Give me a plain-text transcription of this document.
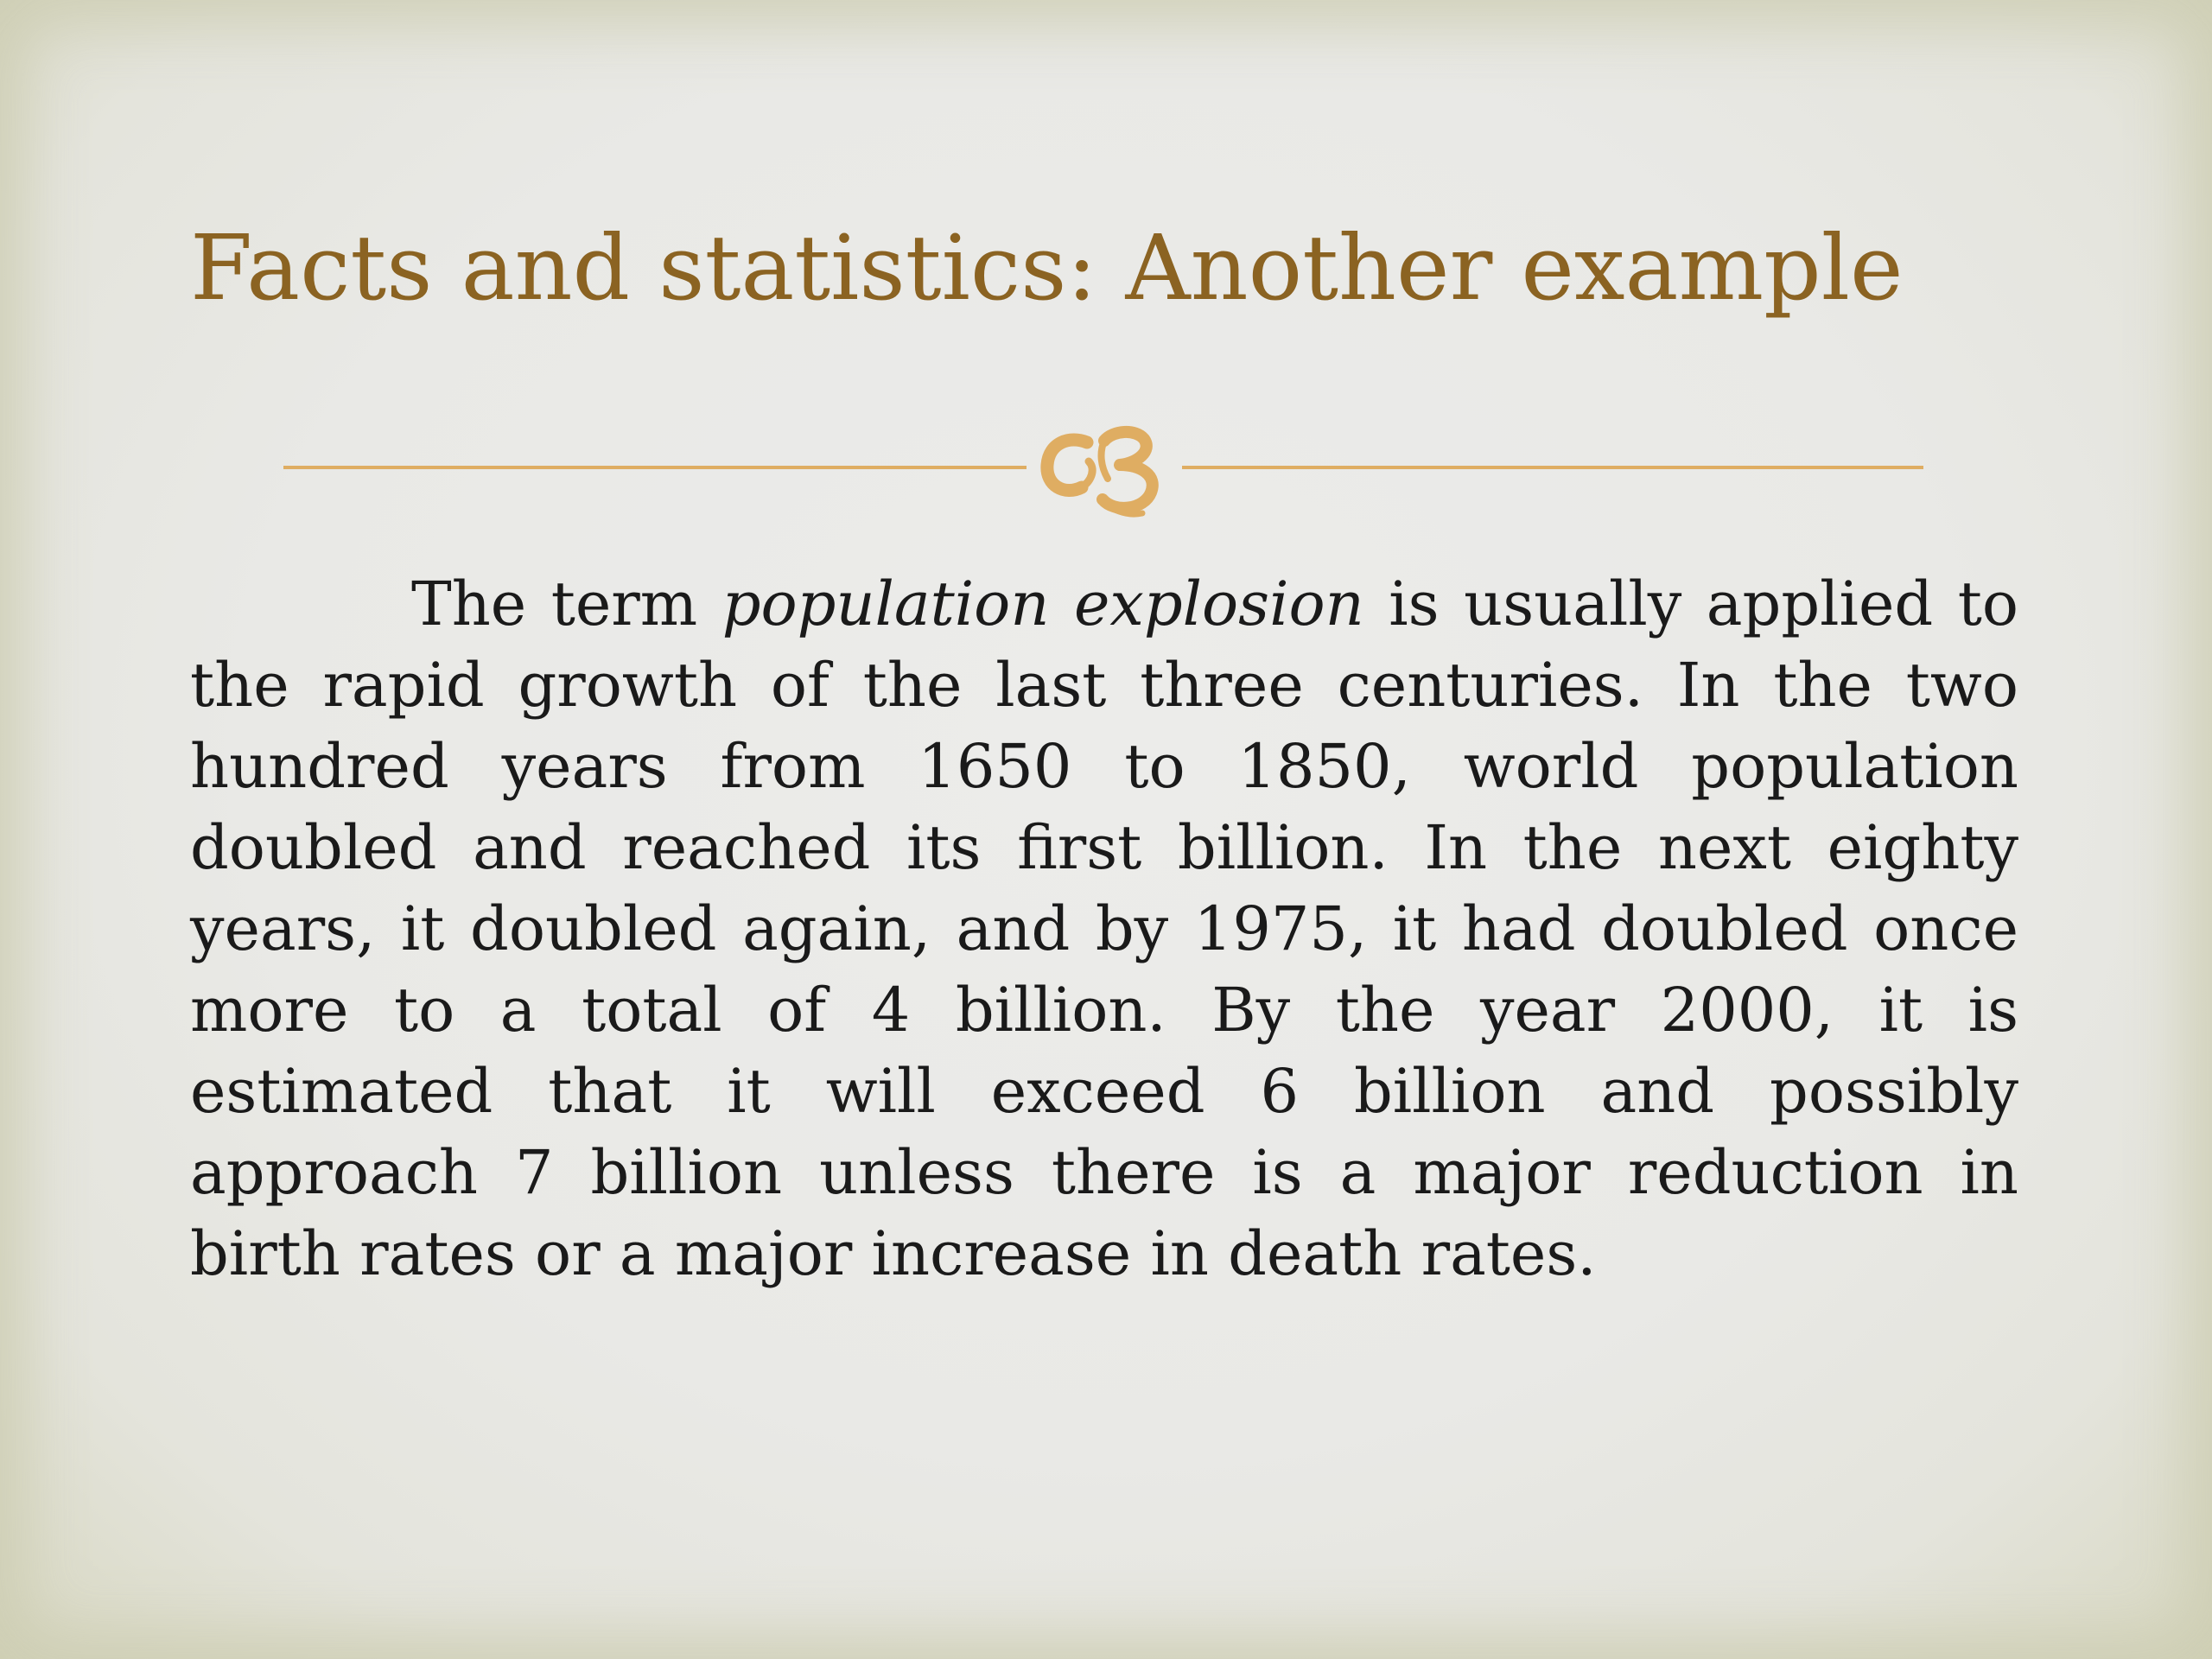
Facts and statistics: Another example

The term population explosion is usually applied to the rapid growth of the last three centuries. In the two hundred years from 1650 to 1850, world population doubled and reached its first billion. In the next eighty years, it doubled again, and by 1975, it had doubled once more to a total of 4 billion. By the year 2000, it is estimated that it will exceed 6 billion and possibly approach 7 billion unless there is a major reduction in birth rates or a major increase in death rates.
